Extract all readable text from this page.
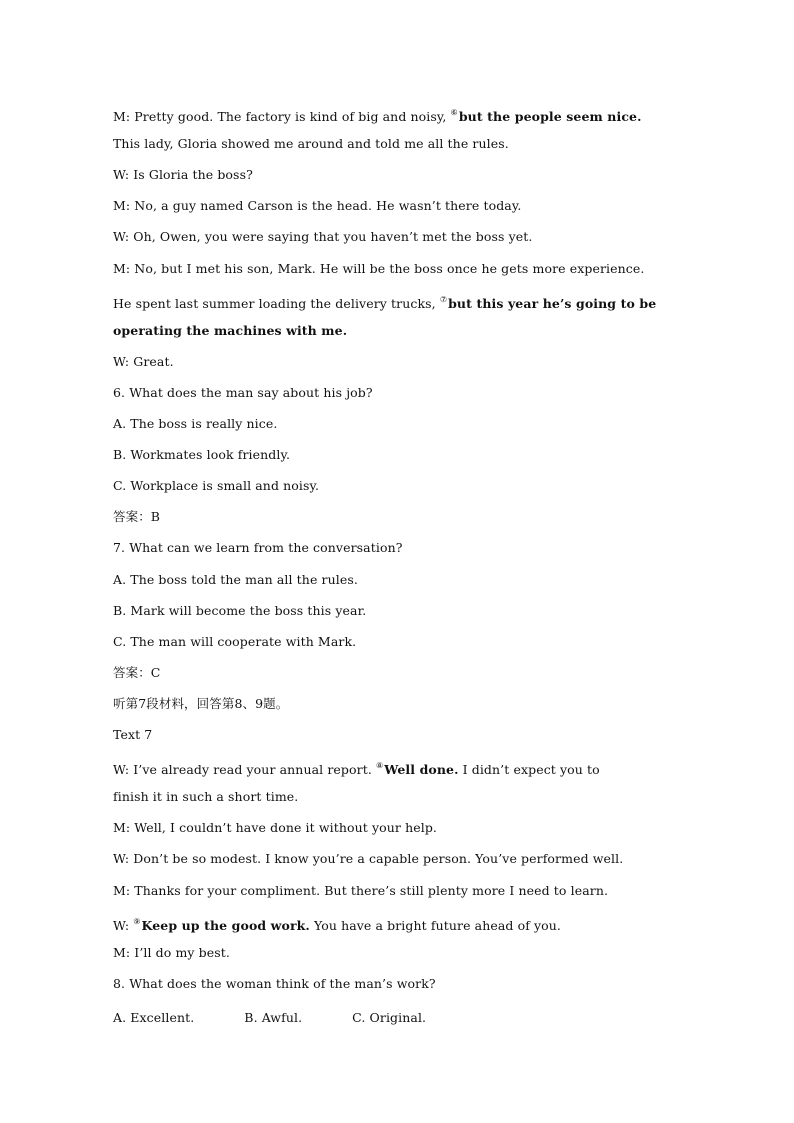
M: Pretty good. The factory is kind of big and noisy, ⑥but the people seem nice.
This lady, Gloria showed me around and told me all the rules.
W: Is Gloria the boss?
M: No, a guy named Carson is the head. He wasn’t there today.
W: Oh, Owen, you were saying that you haven’t met the boss yet.
M: No, but I met his son, Mark. He will be the boss once he gets more experience.
He spent last summer loading the delivery trucks, ⑦but this year he’s going to be
operating the machines with me.
W: Great.
6. What does the man say about his job?
A. The boss is really nice.
B. Workmates look friendly.
C. Workplace is small and noisy.
答案：B
7. What can we learn from the conversation?
A. The boss told the man all the rules.
B. Mark will become the boss this year.
C. The man will cooperate with Mark.
答案：C
听第7段材料，回答第8、9题。
Text 7
W: I’ve already read your annual report. ⑧Well done. I didn’t expect you to
finish it in such a short time.
M: Well, I couldn’t have done it without your help.
W: Don’t be so modest. I know you’re a capable person. You’ve performed well.
M: Thanks for your compliment. But there’s still plenty more I need to learn.
W: ⑨Keep up the good work. You have a bright future ahead of you.
M: I’ll do my best.
8. What does the woman think of the man’s work?
A. Excellent.	B. Awful.	C. Original.
